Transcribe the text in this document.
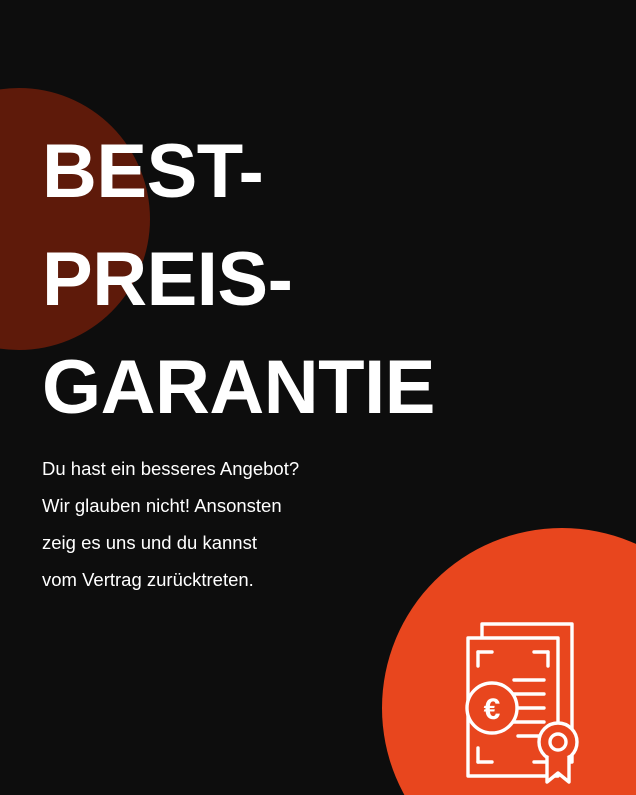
BEST-
PREIS-
GARANTIE
Du hast ein besseres Angebot?
Wir glauben nicht! Ansonsten
zeig es uns und du kannst
vom Vertrag zurücktreten.
€
